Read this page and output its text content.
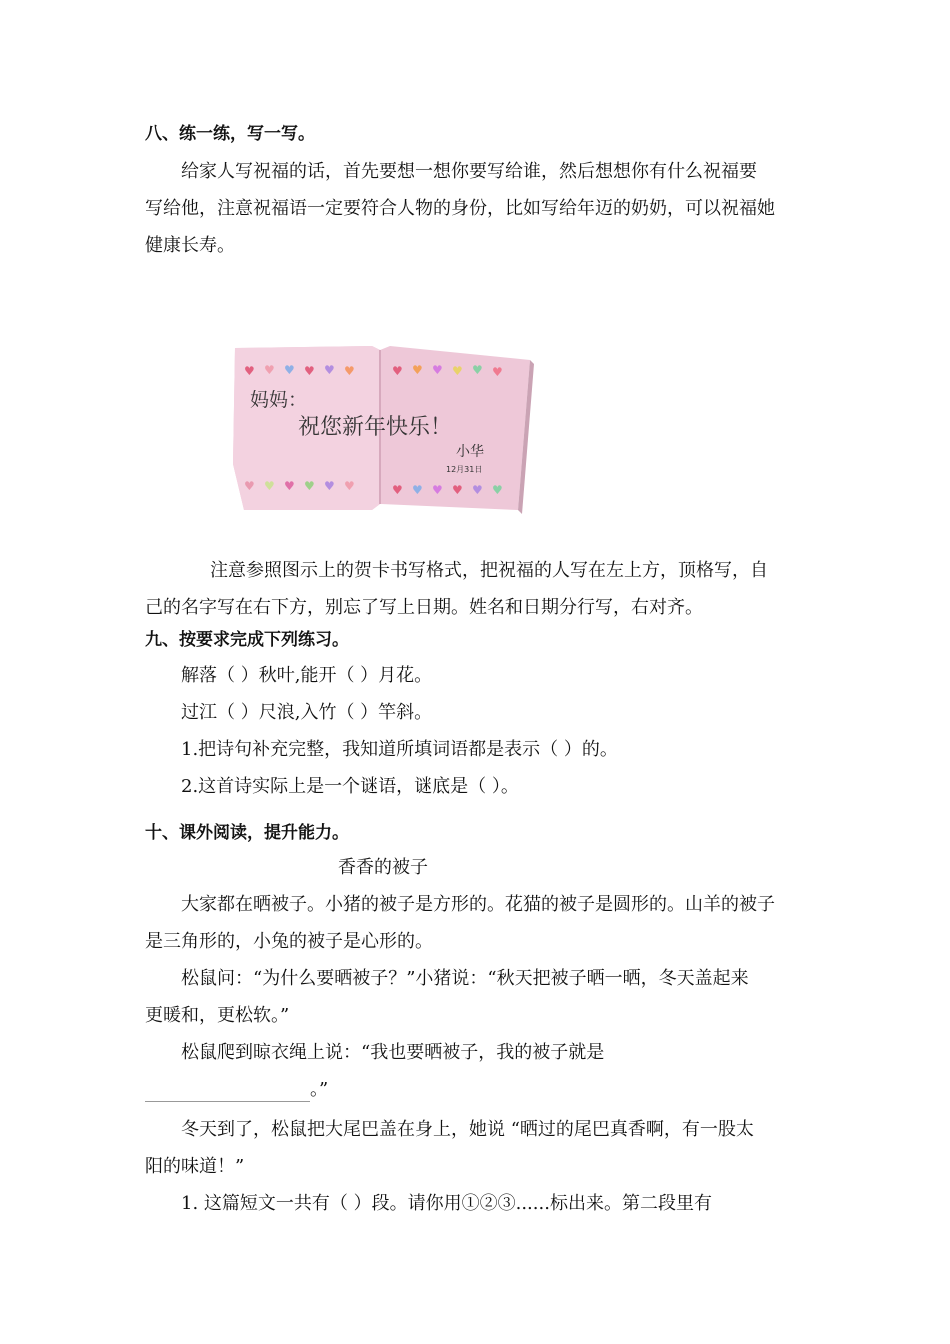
八、练一练，写一写。
给家人写祝福的话，首先要想一想你要写给谁，然后想想你有什么祝福要
写给他，注意祝福语一定要符合人物的身份，比如写给年迈的奶奶，可以祝福她
健康长寿。
♥ ♥ ♥ ♥ ♥ ♥	♥ ♥ ♥ ♥ ♥ ♥
♥ ♥ ♥ ♥ ♥ ♥	♥ ♥ ♥ ♥ ♥ ♥
妈妈：
祝您新年快乐！
小华
12月31日
注意参照图示上的贺卡书写格式，把祝福的人写在左上方，顶格写，自
己的名字写在右下方，别忘了写上日期。姓名和日期分行写，右对齐。
九、按要求完成下列练习。
解落（ ）秋叶,能开（ ）月花。
过江（ ）尺浪,入竹（ ）竿斜。
1.把诗句补充完整，我知道所填词语都是表示（ ）的。
2.这首诗实际上是一个谜语，谜底是（ ）。
十、课外阅读，提升能力。
香香的被子
大家都在晒被子。小猪的被子是方形的。花猫的被子是圆形的。山羊的被子
是三角形的，小兔的被子是心形的。
松鼠问：“为什么要晒被子？”小猪说：“秋天把被子晒一晒，冬天盖起来
更暖和，更松软。”
松鼠爬到晾衣绳上说：“我也要晒被子，我的被子就是
。”
冬天到了，松鼠把大尾巴盖在身上，她说 “晒过的尾巴真香啊，有一股太
阳的味道！”
1. 这篇短文一共有（ ）段。请你用①②③......标出来。第二段里有
